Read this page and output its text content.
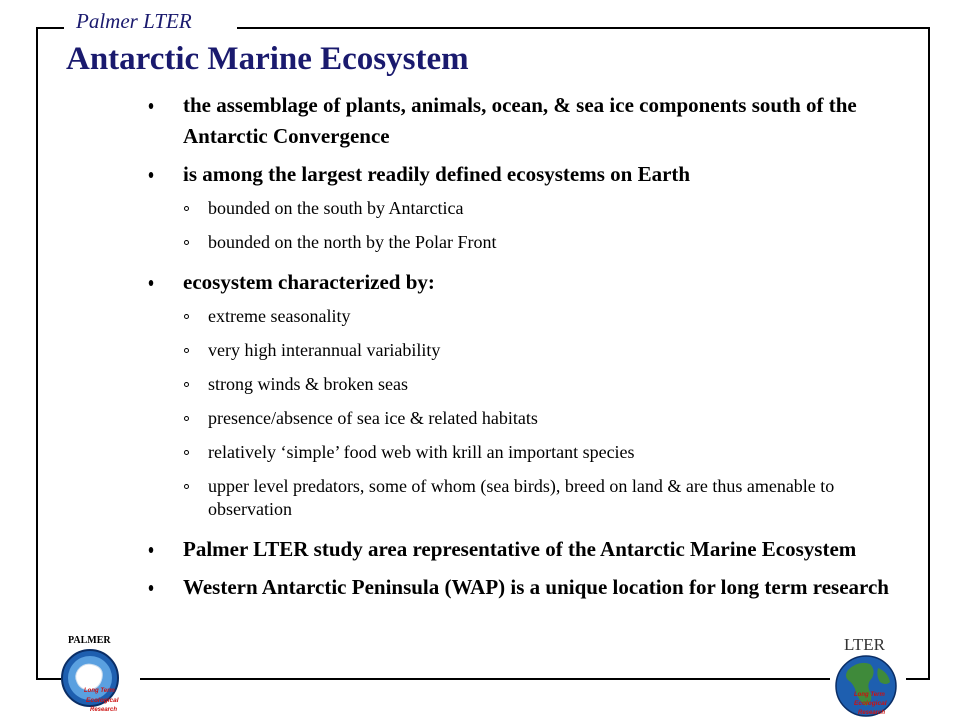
Palmer LTER
Antarctic Marine Ecosystem
the assemblage of plants, animals, ocean, & sea ice components south of the Antarctic Convergence
is among the largest readily defined ecosystems on Earth
bounded on the south by Antarctica
bounded on the north by the Polar Front
ecosystem characterized by:
extreme seasonality
very high interannual variability
strong winds & broken seas
presence/absence of sea ice & related habitats
relatively ‘simple’ food web with krill an important species
upper level predators, some of whom (sea birds), breed on land & are thus amenable to observation
Palmer LTER study area representative of the Antarctic Marine Ecosystem
Western Antarctic Peninsula (WAP) is a unique location for long term research
PALMER
Long Term
Ecological
Research
LTER
Long Term
Ecological
Research
